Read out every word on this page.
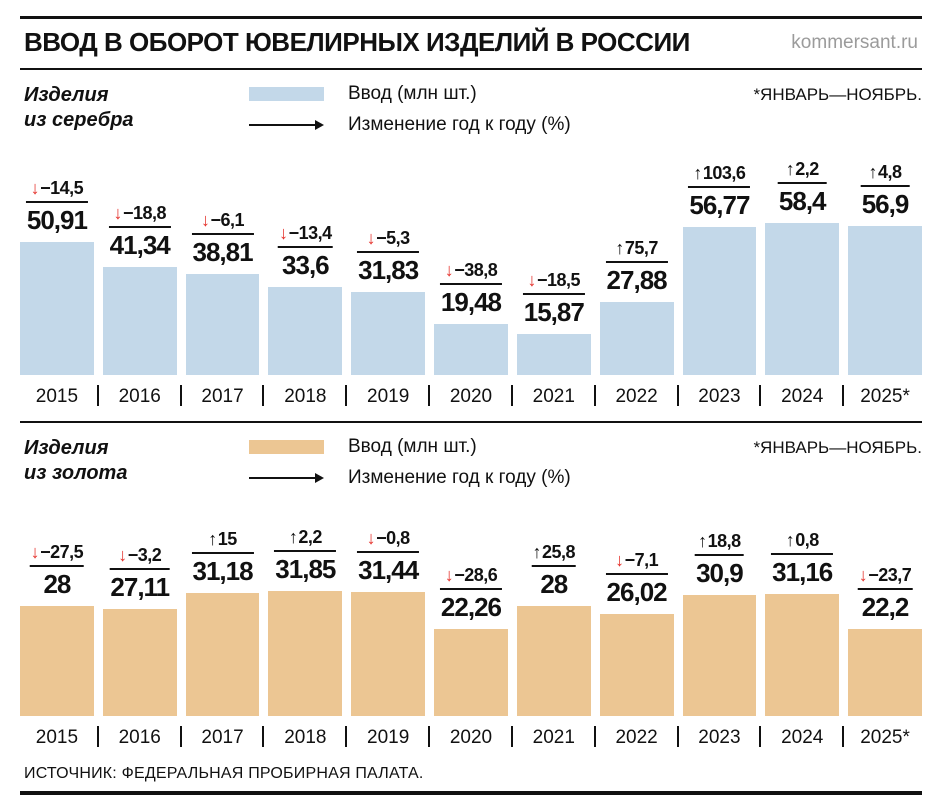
ВВОД В ОБОРОТ ЮВЕЛИРНЫХ ИЗДЕЛИЙ В РОССИИ	kommersant.ru
Изделия
из серебра
Ввод (млн шт.)
Изменение год к году (%)
*ЯНВАРЬ—НОЯБРЬ.
↓−14,5
50,91 ↓−18,8
41,34
↓−6,1
38,81
↓−13,4
33,6
↓−5,3
31,83 ↓−38,8
19,48
↓−18,5
15,87
↑75,7
27,88
↑103,6
56,77
↑2,2
58,4
↑4,8
56,9
2015	2016	2017	2018	2019	2020	2021	2022	2023	2024	2025*
Изделия
из золота
Ввод (млн шт.)
Изменение год к году (%)
*ЯНВАРЬ—НОЯБРЬ.
↓−27,5
28
↓−3,2
27,11
↑15
31,18
↑2,2
31,85
↓−0,8
31,44 ↓−28,6
22,26
↑25,8
28
↓−7,1
26,02
↑18,8
30,9
↑0,8
31,16 ↓−23,7
22,2
2015	2016	2017	2018	2019	2020	2021	2022	2023	2024	2025*
ИСТОЧНИК: ФЕДЕРАЛЬНАЯ ПРОБИРНАЯ ПАЛАТА.
